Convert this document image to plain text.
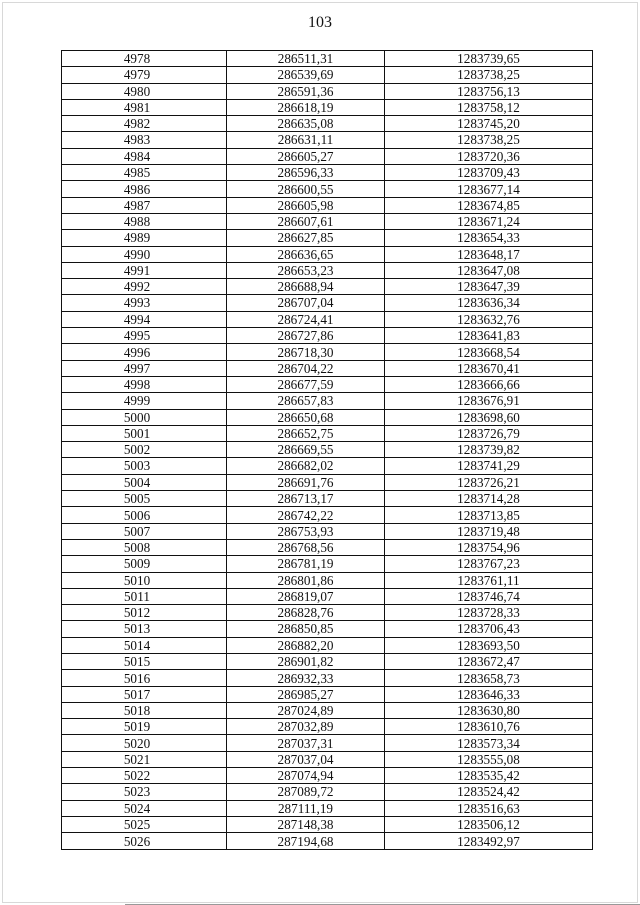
103
4978	286511,31	1283739,65
4979	286539,69	1283738,25
4980	286591,36	1283756,13
4981	286618,19	1283758,12
4982	286635,08	1283745,20
4983	286631,11	1283738,25
4984	286605,27	1283720,36
4985	286596,33	1283709,43
4986	286600,55	1283677,14
4987	286605,98	1283674,85
4988	286607,61	1283671,24
4989	286627,85	1283654,33
4990	286636,65	1283648,17
4991	286653,23	1283647,08
4992	286688,94	1283647,39
4993	286707,04	1283636,34
4994	286724,41	1283632,76
4995	286727,86	1283641,83
4996	286718,30	1283668,54
4997	286704,22	1283670,41
4998	286677,59	1283666,66
4999	286657,83	1283676,91
5000	286650,68	1283698,60
5001	286652,75	1283726,79
5002	286669,55	1283739,82
5003	286682,02	1283741,29
5004	286691,76	1283726,21
5005	286713,17	1283714,28
5006	286742,22	1283713,85
5007	286753,93	1283719,48
5008	286768,56	1283754,96
5009	286781,19	1283767,23
5010	286801,86	1283761,11
5011	286819,07	1283746,74
5012	286828,76	1283728,33
5013	286850,85	1283706,43
5014	286882,20	1283693,50
5015	286901,82	1283672,47
5016	286932,33	1283658,73
5017	286985,27	1283646,33
5018	287024,89	1283630,80
5019	287032,89	1283610,76
5020	287037,31	1283573,34
5021	287037,04	1283555,08
5022	287074,94	1283535,42
5023	287089,72	1283524,42
5024	287111,19	1283516,63
5025	287148,38	1283506,12
5026	287194,68	1283492,97
